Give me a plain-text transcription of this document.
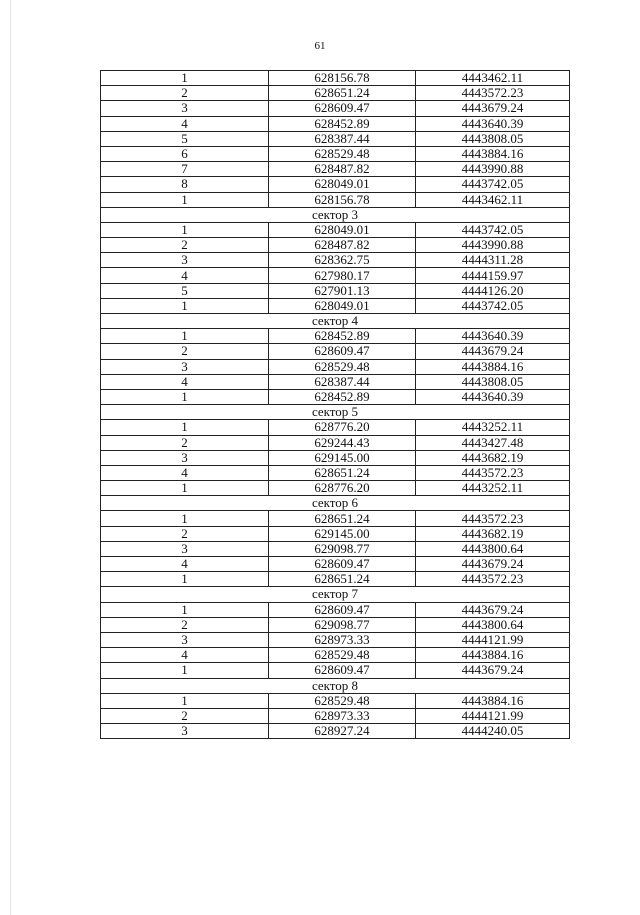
61
1	628156.78	4443462.11
2	628651.24	4443572.23
3	628609.47	4443679.24
4	628452.89	4443640.39
5	628387.44	4443808.05
6	628529.48	4443884.16
7	628487.82	4443990.88
8	628049.01	4443742.05
1	628156.78	4443462.11
сектор 3		
1	628049.01	4443742.05
2	628487.82	4443990.88
3	628362.75	4444311.28
4	627980.17	4444159.97
5	627901.13	4444126.20
1	628049.01	4443742.05
сектор 4		
1	628452.89	4443640.39
2	628609.47	4443679.24
3	628529.48	4443884.16
4	628387.44	4443808.05
1	628452.89	4443640.39
сектор 5		
1	628776.20	4443252.11
2	629244.43	4443427.48
3	629145.00	4443682.19
4	628651.24	4443572.23
1	628776.20	4443252.11
сектор 6		
1	628651.24	4443572.23
2	629145.00	4443682.19
3	629098.77	4443800.64
4	628609.47	4443679.24
1	628651.24	4443572.23
сектор 7		
1	628609.47	4443679.24
2	629098.77	4443800.64
3	628973.33	4444121.99
4	628529.48	4443884.16
1	628609.47	4443679.24
сектор 8		
1	628529.48	4443884.16
2	628973.33	4444121.99
3	628927.24	4444240.05
